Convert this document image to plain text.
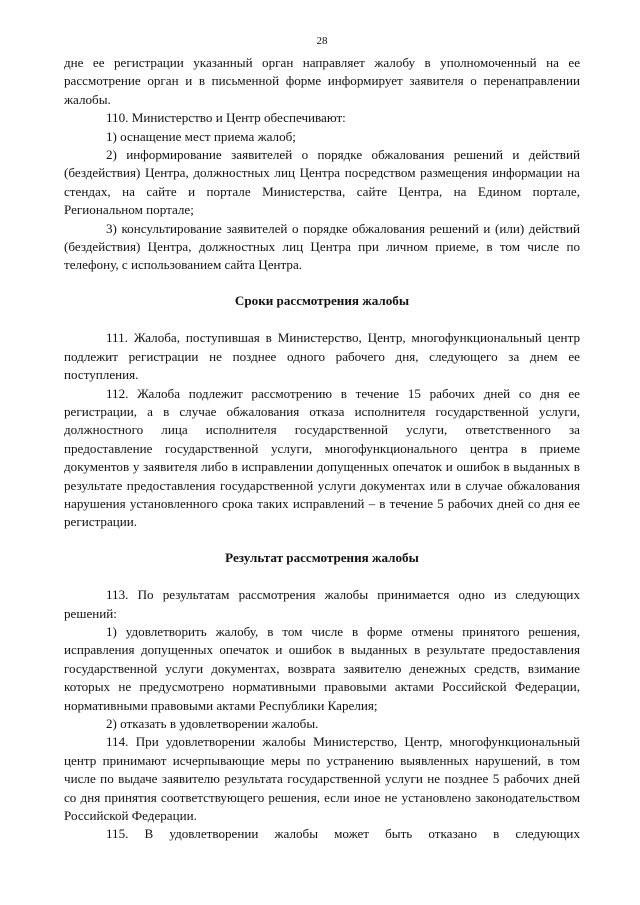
28

дне ее регистрации указанный орган направляет жалобу в уполномоченный на ее рассмотрение орган и в письменной форме информирует заявителя о перенаправлении жалобы.

110. Министерство и Центр обеспечивают:

1) оснащение мест приема жалоб;

2) информирование заявителей о порядке обжалования решений и действий (бездействия) Центра, должностных лиц Центра посредством размещения информации на стендах, на сайте и портале Министерства, сайте Центра, на Едином портале, Региональном портале;

3) консультирование заявителей о порядке обжалования решений и (или) действий (бездействия) Центра, должностных лиц Центра при личном приеме, в том числе по телефону, с использованием сайта Центра.

Сроки рассмотрения жалобы

111. Жалоба, поступившая в Министерство, Центр, многофункциональный центр подлежит регистрации не позднее одного рабочего дня, следующего за днем ее поступления.

112. Жалоба подлежит рассмотрению в течение 15 рабочих дней со дня ее регистрации, а в случае обжалования отказа исполнителя государственной услуги, должностного лица исполнителя государственной услуги, ответственного за предоставление государственной услуги, многофункционального центра в приеме документов у заявителя либо в исправлении допущенных опечаток и ошибок в выданных в результате предоставления государственной услуги документах или в случае обжалования нарушения установленного срока таких исправлений – в течение 5 рабочих дней со дня ее регистрации.

Результат рассмотрения жалобы

113. По результатам рассмотрения жалобы принимается одно из следующих решений:

1) удовлетворить жалобу, в том числе в форме отмены принятого решения, исправления допущенных опечаток и ошибок в выданных в результате предоставления государственной услуги документах, возврата заявителю денежных средств, взимание которых не предусмотрено нормативными правовыми актами Российской Федерации, нормативными правовыми актами Республики Карелия;

2) отказать в удовлетворении жалобы.

114. При удовлетворении жалобы Министерство, Центр, многофункциональный центр принимают исчерпывающие меры по устранению выявленных нарушений, в том числе по выдаче заявителю результата государственной услуги не позднее 5 рабочих дней со дня принятия соответствующего решения, если иное не установлено законодательством Российской Федерации.

115. В удовлетворении жалобы может быть отказано в следующих
